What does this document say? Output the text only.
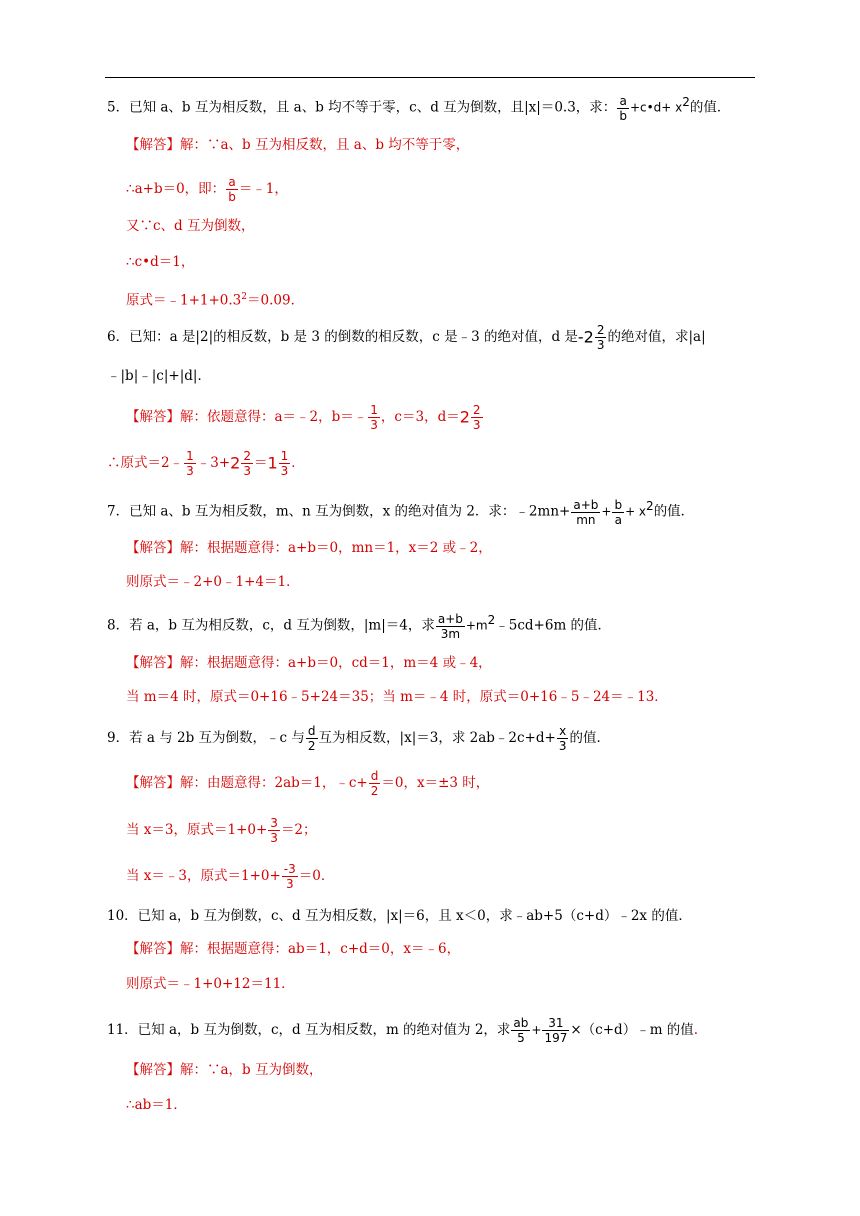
5．已知 a、b 互为相反数，且 a、b 均不等于零，c、d 互为倒数，且|x|＝0.3，求： $\frac{a}{b}$ +c•d+ $x^2$的值．
【解答】解：∵a、b 互为相反数，且 a、b 均不等于零，
∴a+b＝0，即： $\frac{a}{b}$ ＝﹣1，
又∵c、d 互为倒数，
∴c•d＝1，
原式$=﹣1+1+0.3^2=0.09$．
6．已知：a 是|2|的相反数，b 是 3 的倒数的相反数，c 是﹣3 的绝对值，d 是$-2 \frac{2}{3}$ 的绝对值，求|a|
﹣|b|﹣|c|+|d|．
【解答】解：依题意得：a＝﹣2，b＝﹣ $\frac{1}{3}$ ，c＝3，$d=2 \frac{2}{3}$
∴原式＝2﹣ $\frac{1}{3}$ ﹣3+2 $\frac{2}{3} =1 \frac{1}{3}$ ．
7．已知 a、b 互为相反数，m、n 互为倒数，x 的绝对值为 2．求：﹣2mn+ $\frac{a+b}{mn} + \frac{b}{a} + x^2$的值．
【解答】解：根据题意得：a+b＝0，mn＝1，x＝2 或﹣2，
则原式＝﹣2+0﹣1+4＝1．
8．若 a，b 互为相反数，c，d 互为倒数，|m|＝4，求 $\frac{a+b}{3m}$ $+m^2﹣5cd+6m$ 的值．
【解答】解：根据题意得：a+b＝0，cd＝1，m＝4 或﹣4，
当 m＝4 时，原式＝0+16﹣5+24＝35；当 m＝﹣4 时，原式＝0+16﹣5﹣24＝﹣13．
9．若 a 与 2b 互为倒数，﹣c 与 $\frac{d}{2}$ 互为相反数，|x|＝3，求 2ab﹣2c+d+ $\frac{x}{3}$ 的值．
【解答】解：由题意得：2ab＝1，﹣c+ $\frac{d}{2} =0$，x＝±3 时，
当 x＝3，原式$=1+0+ \frac{3}{3} =2$；
当 x＝﹣3，原式$=1+0+ \frac{-3}{3} =0$．
10．已知 a，b 互为倒数，c、d 互为相反数，|x|＝6，且 x＜0，求﹣ab+5（c+d）﹣2x 的值．
【解答】解：根据题意得：ab＝1，c+d＝0，x＝﹣6，
则原式＝﹣1+0+12＝11．
11．已知 a，b 互为倒数，c，d 互为相反数，m 的绝对值为 2，求 $\frac{ab}{5} + \frac{31}{197}$ ×（c+d）﹣m 的值.
【解答】解：∵a，b 互为倒数，
∴ab＝1．
